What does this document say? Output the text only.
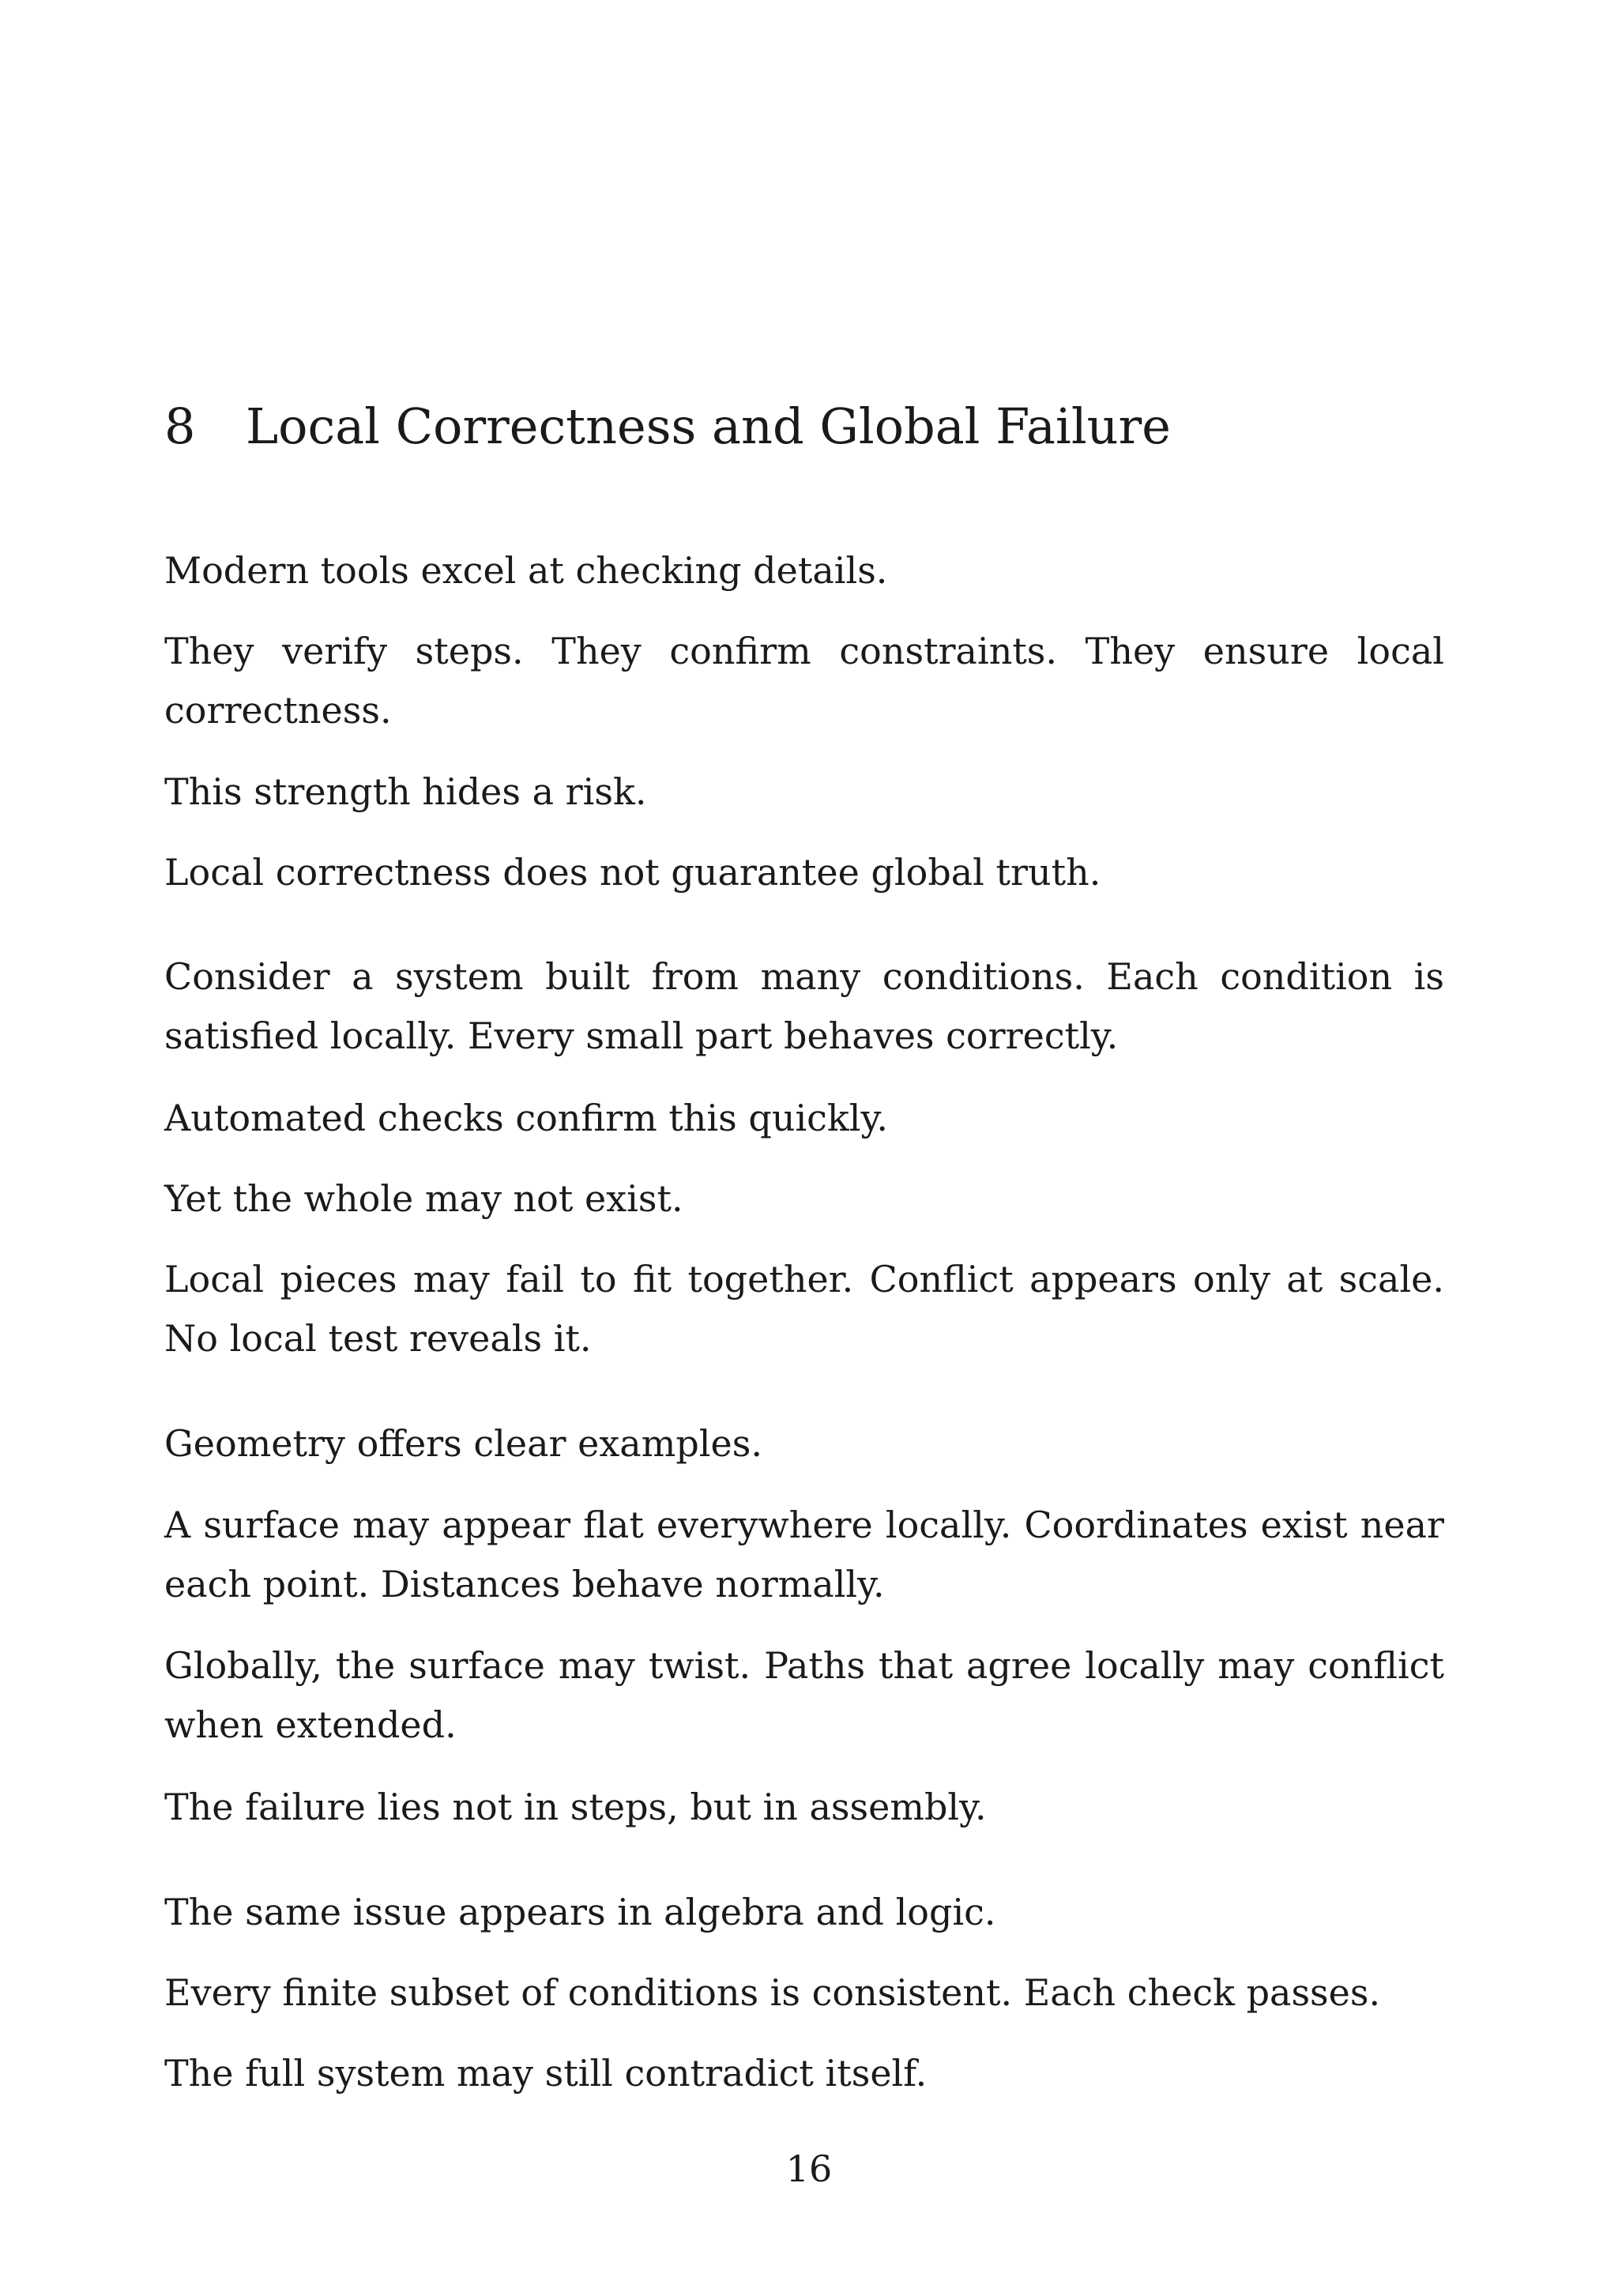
8 Local Correctness and Global Failure

Modern tools excel at checking details.

They verify steps. They confirm constraints. They ensure local correctness.

This strength hides a risk.

Local correctness does not guarantee global truth.

Consider a system built from many conditions. Each condition is satisfied locally. Every small part behaves correctly.

Automated checks confirm this quickly.

Yet the whole may not exist.

Local pieces may fail to fit together. Conflict appears only at scale. No local test reveals it.

Geometry offers clear examples.

A surface may appear flat everywhere locally. Coordinates exist near each point. Distances behave normally.

Globally, the surface may twist. Paths that agree locally may conflict when extended.

The failure lies not in steps, but in assembly.

The same issue appears in algebra and logic.

Every finite subset of conditions is consistent. Each check passes.

The full system may still contradict itself.

16
